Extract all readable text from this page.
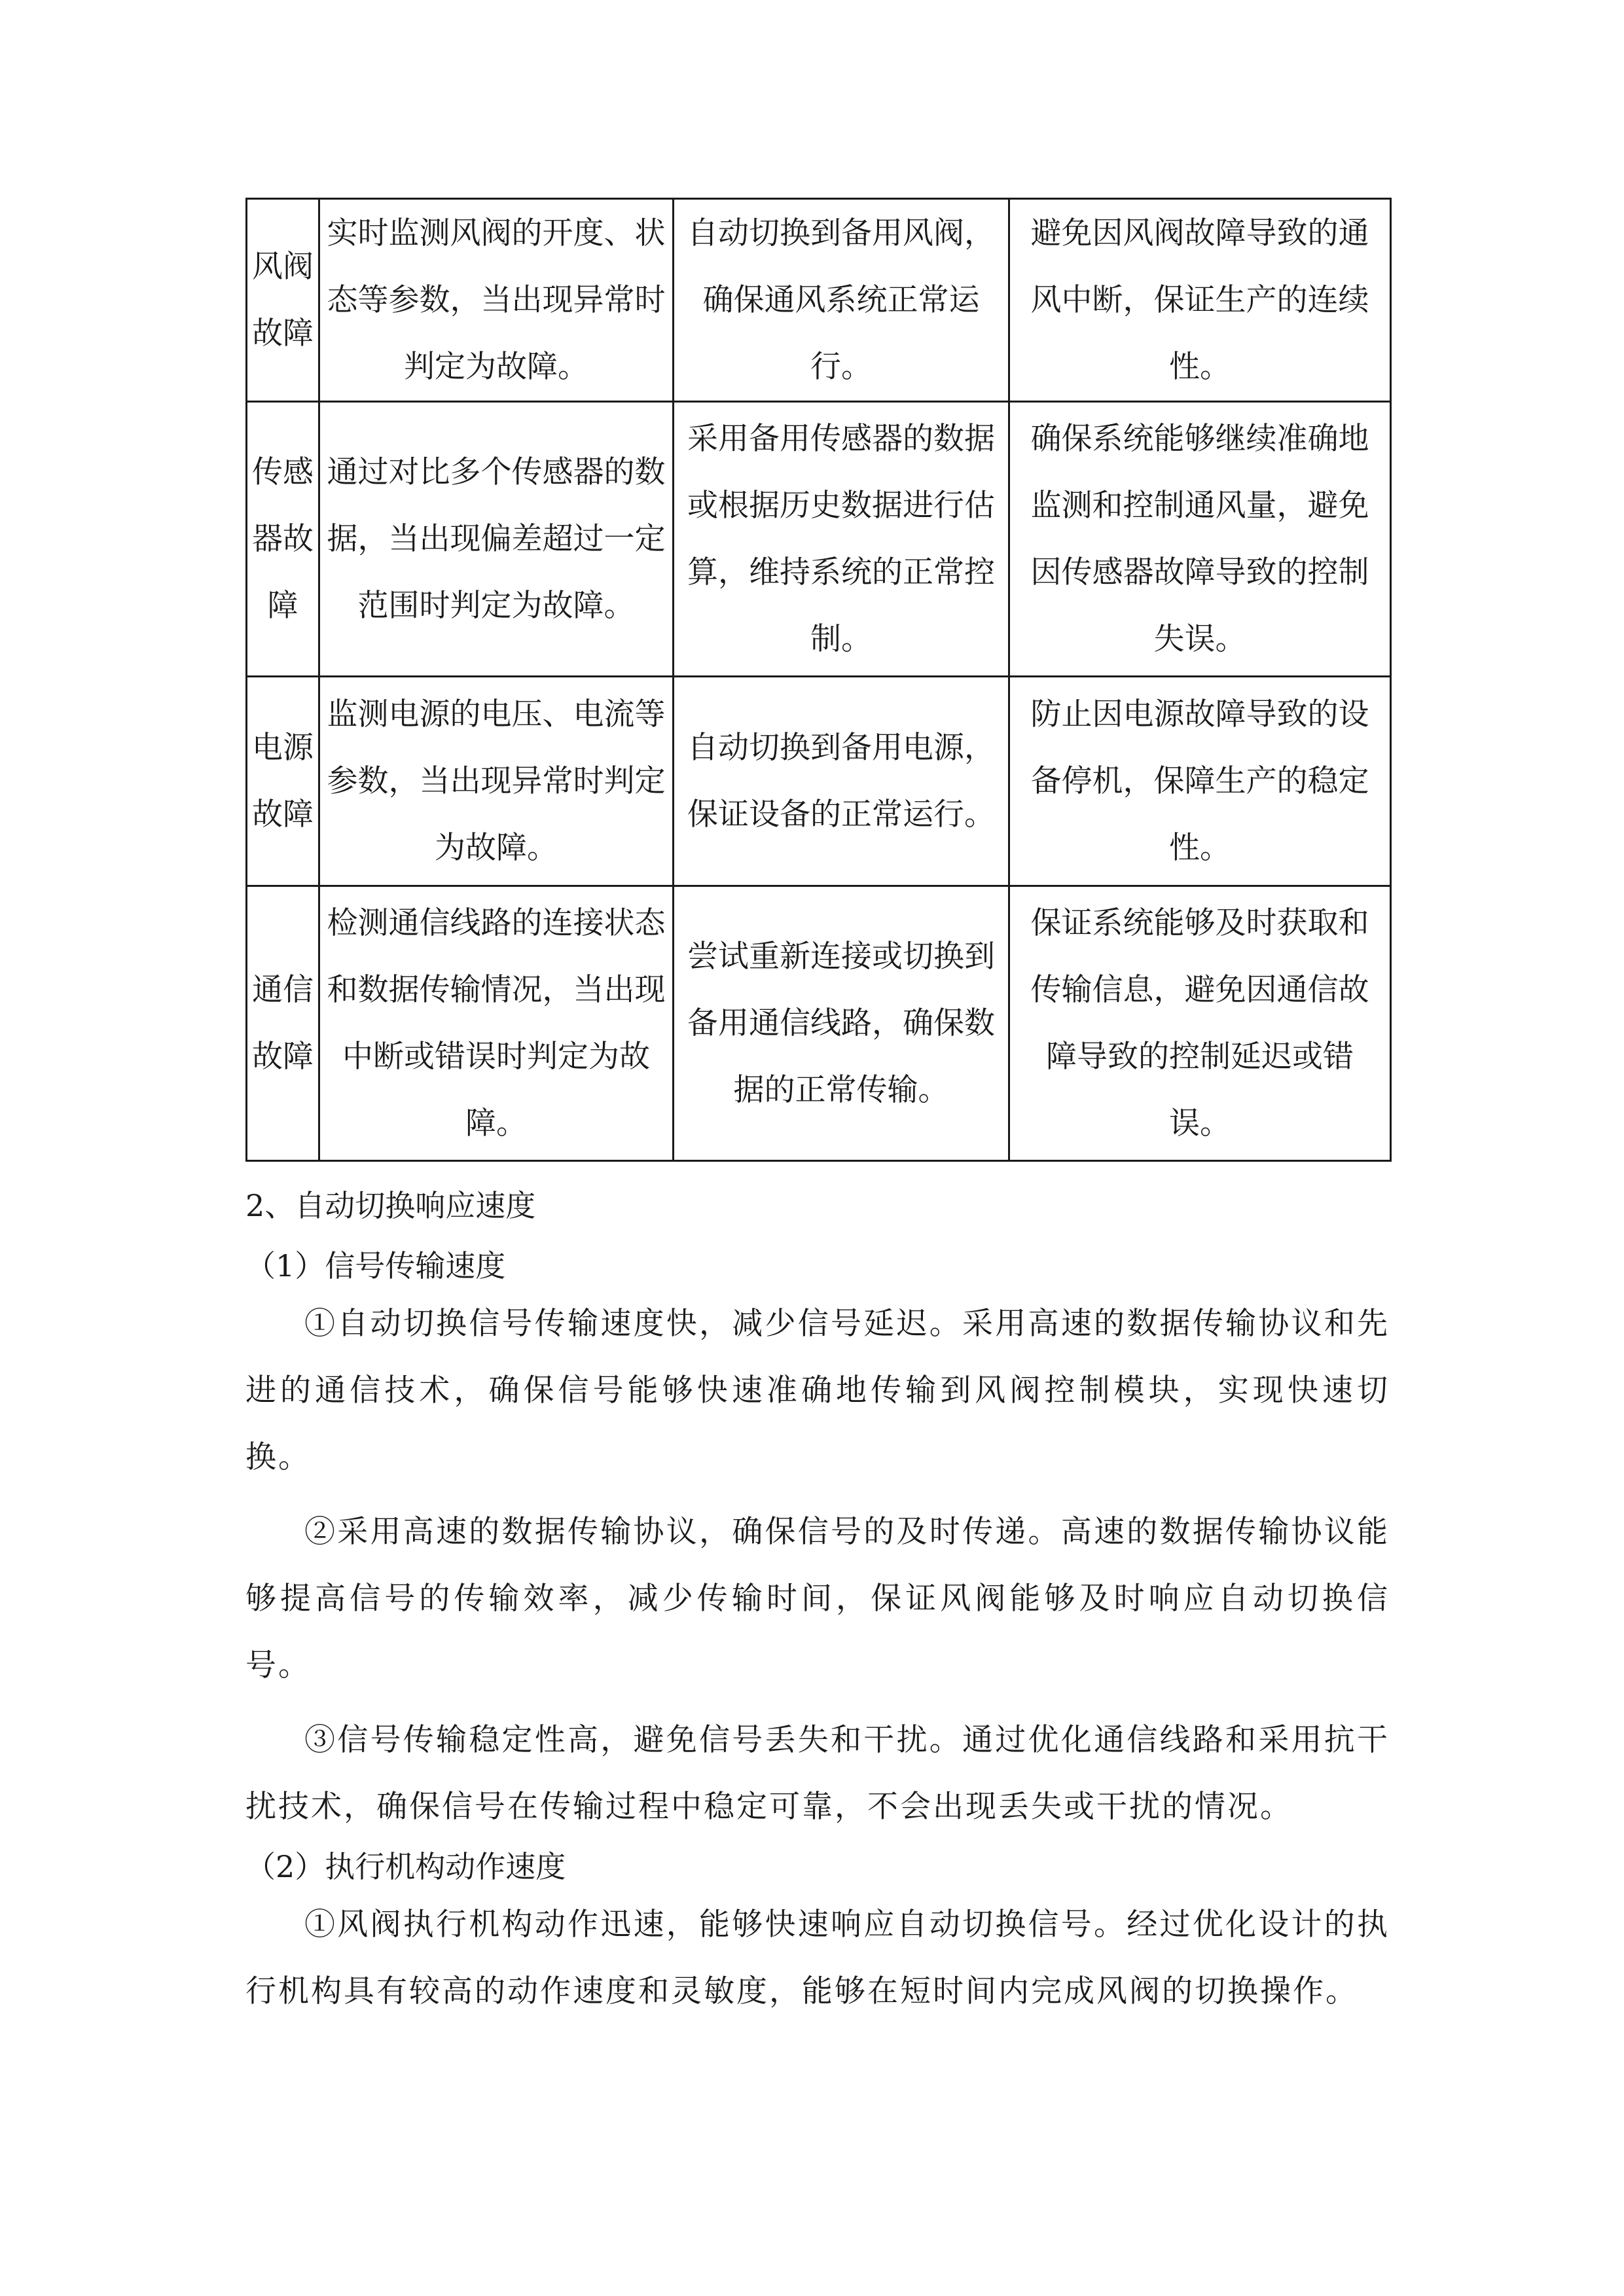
风阀故障	实时监测风阀的开度、状态等参数，当出现异常时判定为故障。	自动切换到备用风阀，确保通风系统正常运行。	避免因风阀故障导致的通风中断，保证生产的连续性。

传感器故障	通过对比多个传感器的数据，当出现偏差超过一定范围时判定为故障。	采用备用传感器的数据或根据历史数据进行估算，维持系统的正常控制。	确保系统能够继续准确地监测和控制通风量，避免因传感器故障导致的控制失误。

电源故障	监测电源的电压、电流等参数，当出现异常时判定为故障。	自动切换到备用电源，保证设备的正常运行。	防止因电源故障导致的设备停机，保障生产的稳定性。

通信故障	检测通信线路的连接状态和数据传输情况，当出现中断或错误时判定为故障。	尝试重新连接或切换到备用通信线路，确保数据的正常传输。	保证系统能够及时获取和传输信息，避免因通信故障导致的控制延迟或错误。
2、自动切换响应速度
（1）信号传输速度
①自动切换信号传输速度快，减少信号延迟。采用高速的数据传输协议和先进的通信技术，确保信号能够快速准确地传输到风阀控制模块，实现快速切换。
②采用高速的数据传输协议，确保信号的及时传递。高速的数据传输协议能够提高信号的传输效率，减少传输时间，保证风阀能够及时响应自动切换信号。
③信号传输稳定性高，避免信号丢失和干扰。通过优化通信线路和采用抗干扰技术，确保信号在传输过程中稳定可靠，不会出现丢失或干扰的情况。
（2）执行机构动作速度
①风阀执行机构动作迅速，能够快速响应自动切换信号。经过优化设计的执行机构具有较高的动作速度和灵敏度，能够在短时间内完成风阀的切换操作。
